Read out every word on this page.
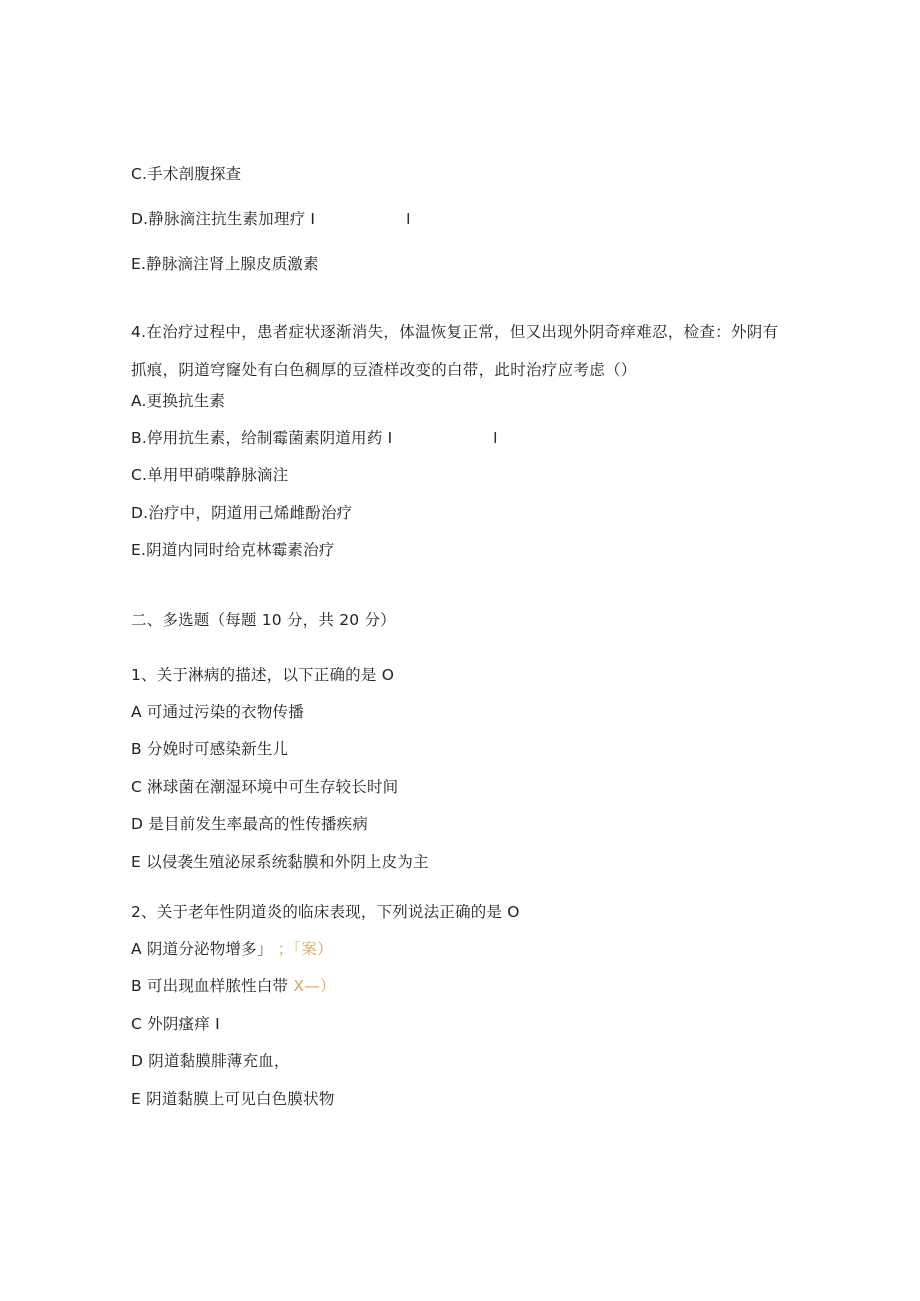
C.手术剖腹探查
D.静脉滴注抗生素加理疗 I	I
E.静脉滴注肾上腺皮质激素
4.在治疗过程中，患者症状逐渐消失，体温恢复正常，但又出现外阴奇痒难忍，检查：外阴有抓痕，阴道穹窿处有白色稠厚的豆渣样改变的白带，此时治疗应考虑（）
A.更换抗生素
B.停用抗生素，给制霉菌素阴道用药 I	I
C.单用甲硝喋静脉滴注
D.治疗中，阴道用己烯雌酚治疗
E.阴道内同时给克林霉素治疗
二、多选题（每题 10 分，共 20 分）
1、关于淋病的描述，以下正确的是 O
A 可通过污染的衣物传播
B 分娩时可感染新生儿
C 淋球菌在潮湿环境中可生存较长时间
D 是目前发生率最高的性传播疾病
E 以侵袭生殖泌尿系统黏膜和外阴上皮为主
2、关于老年性阴道炎的临床表现，下列说法正确的是 O
A 阴道分泌物增多」 ；「案）
B 可出现血样脓性白带 X—）
C 外阴瘙痒 I
D 阴道黏膜腓薄充血，
E 阴道黏膜上可见白色膜状物
